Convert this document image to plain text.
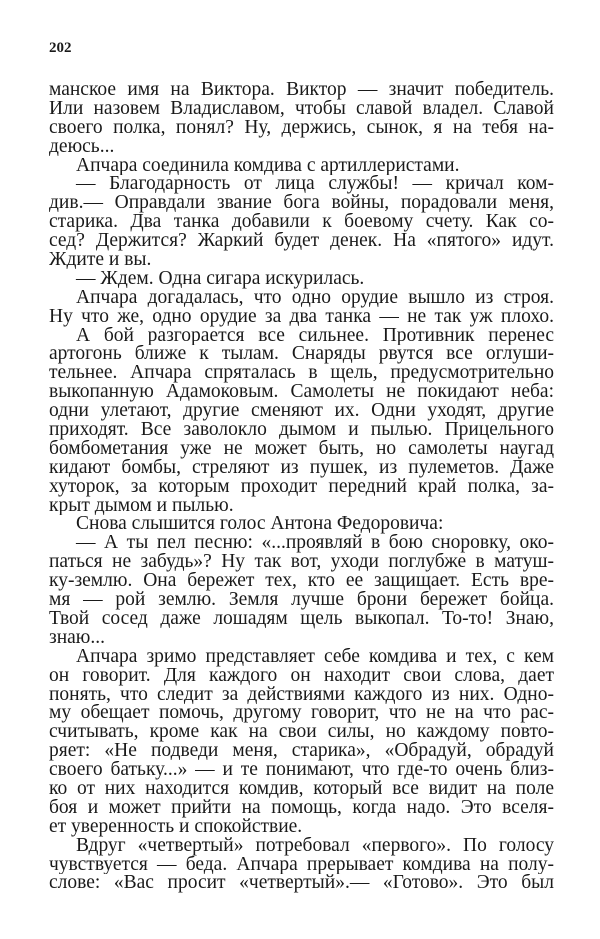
202
манское имя на Виктора. Виктор — значит победитель.
Или назовем Владиславом, чтобы славой владел. Славой
своего полка, понял? Ну, держись, сынок, я на тебя на-
деюсь...
Апчара соединила комдива с артиллеристами.
— Благодарность от лица службы! — кричал ком-
див.— Оправдали звание бога войны, порадовали меня,
старика. Два танка добавили к боевому счету. Как со-
сед? Держится? Жаркий будет денек. На «пятого» идут.
Ждите и вы.
— Ждем. Одна сигара искурилась.
Апчара догадалась, что одно орудие вышло из строя.
Ну что же, одно орудие за два танка — не так уж плохо.
А бой разгорается все сильнее. Противник перенес
артогонь ближе к тылам. Снаряды рвутся все оглуши-
тельнее. Апчара спряталась в щель, предусмотрительно
выкопанную Адамоковым. Самолеты не покидают неба:
одни улетают, другие сменяют их. Одни уходят, другие
приходят. Все заволокло дымом и пылью. Прицельного
бомбометания уже не может быть, но самолеты наугад
кидают бомбы, стреляют из пушек, из пулеметов. Даже
хуторок, за которым проходит передний край полка, за-
крыт дымом и пылью.
Снова слышится голос Антона Федоровича:
— А ты пел песню: «...проявляй в бою сноровку, око-
паться не забудь»? Ну так вот, уходи поглубже в матуш-
ку-землю. Она бережет тех, кто ее защищает. Есть вре-
мя — рой землю. Земля лучше брони бережет бойца.
Твой сосед даже лошадям щель выкопал. То-то! Знаю,
знаю...
Апчара зримо представляет себе комдива и тех, с кем
он говорит. Для каждого он находит свои слова, дает
понять, что следит за действиями каждого из них. Одно-
му обещает помочь, другому говорит, что не на что рас-
считывать, кроме как на свои силы, но каждому повто-
ряет: «Не подведи меня, старика», «Обрадуй, обрадуй
своего батьку...» — и те понимают, что где-то очень близ-
ко от них находится комдив, который все видит на поле
боя и может прийти на помощь, когда надо. Это вселя-
ет уверенность и спокойствие.
Вдруг «четвертый» потребовал «первого». По голосу
чувствуется — беда. Апчара прерывает комдива на полу-
слове: «Вас просит «четвертый».— «Готово». Это был
